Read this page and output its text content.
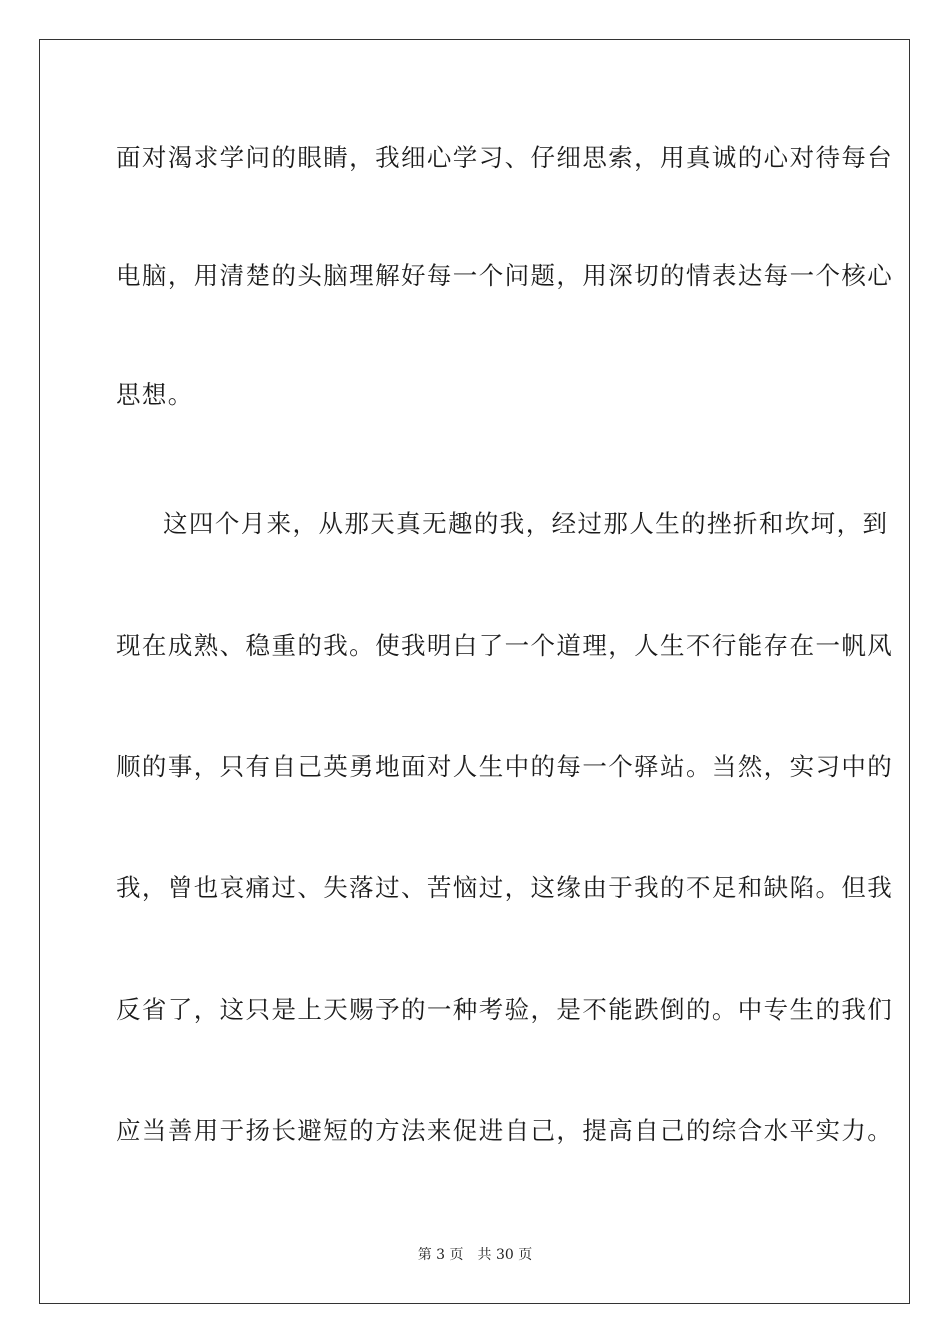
面 对 渴 求 学 问 的 眼 睛 ， 我 细 心 学 习 、 仔 细 思 索 ， 用 真 诚 的 心 对 待 每 台
电 脑 ， 用 清 楚 的 头 脑 理 解 好 每 一 个 问 题 ， 用 深 切 的 情 表 达 每 一 个 核 心
思想。
这 四 个 月 来 ， 从 那 天 真 无 趣 的 我 ， 经 过 那 人 生 的 挫 折 和 坎 坷 ， 到
现 在 成 熟 、 稳 重 的 我 。 使 我 明 白 了 一 个 道 理 ， 人 生 不 行 能 存 在 一 帆 风
顺 的 事 ， 只 有 自 己 英 勇 地 面 对 人 生 中 的 每 一 个 驿 站 。 当 然 ， 实 习 中 的
我 ， 曾 也 哀 痛 过 、 失 落 过 、 苦 恼 过 ， 这 缘 由 于 我 的 不 足 和 缺 陷 。 但 我
反 省 了 ， 这 只 是 上 天 赐 予 的 一 种 考 验 ， 是 不 能 跌 倒 的 。 中 专 生 的 我 们
应 当 善 用 于 扬 长 避 短 的 方 法 来 促 进 自 己 ， 提 高 自 己 的 综 合 水 平 实 力 。
第 3 页 共 30 页
